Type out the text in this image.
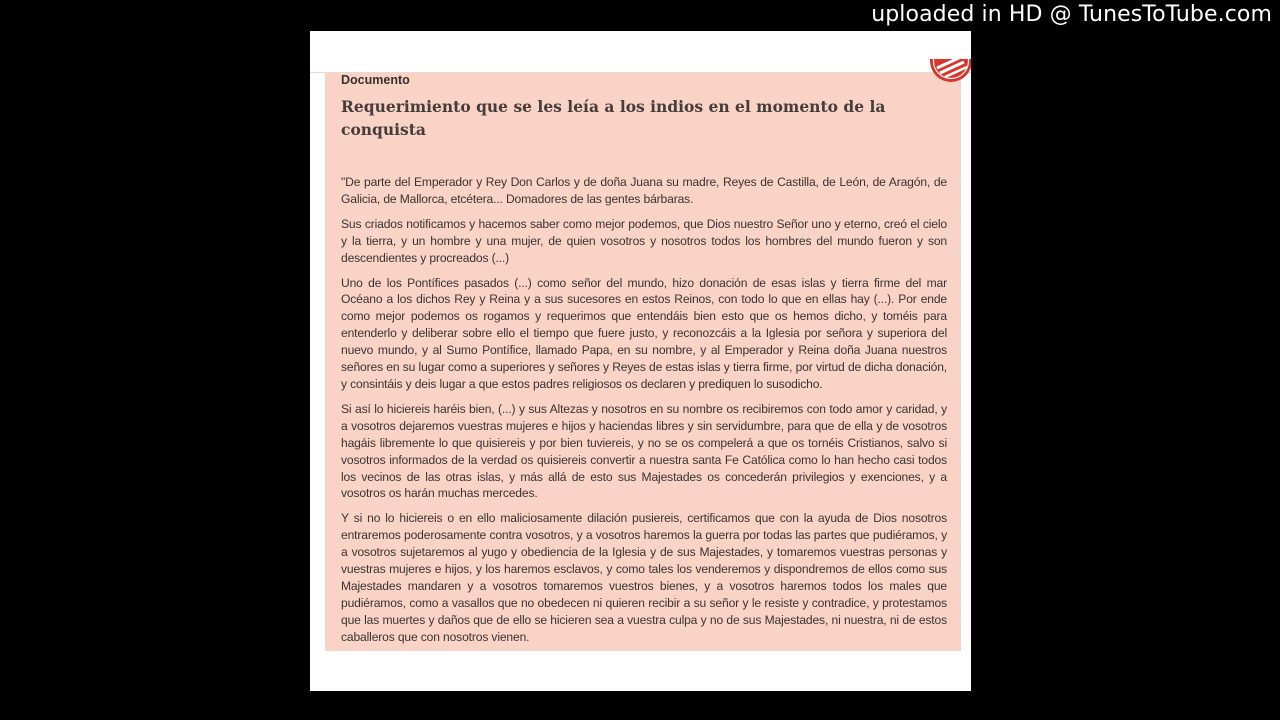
uploaded in HD @ TunesToTube.com
Documento
Requerimiento que se les leía a los indios en el momento de la conquista

"De parte del Emperador y Rey Don Carlos y de doña Juana su madre, Reyes de Castilla, de León, de Aragón, de Galicia, de Mallorca, etcétera... Domadores de las gentes bárbaras.

Sus criados notificamos y hacemos saber como mejor podemos, que Dios nuestro Señor uno y eterno, creó el cielo y la tierra, y un hombre y una mujer, de quien vosotros y nosotros todos los hombres del mundo fueron y son descendientes y procreados (...)

Uno de los Pontífices pasados (...) como señor del mundo, hizo donación de esas islas y tierra firme del mar Océano a los dichos Rey y Reina y a sus sucesores en estos Reinos, con todo lo que en ellas hay (...). Por ende como mejor podemos os rogamos y requerimos que entendáis bien esto que os hemos dicho, y toméis para entenderlo y deliberar sobre ello el tiempo que fuere justo, y reconozcáis a la Iglesia por señora y superiora del nuevo mundo, y al Sumo Pontífice, llamado Papa, en su nombre, y al Emperador y Reina doña Juana nuestros señores en su lugar como a superiores y señores y Reyes de estas islas y tierra firme, por virtud de dicha donación, y consintáis y deis lugar a que estos padres religiosos os declaren y prediquen lo susodicho.

Si así lo hiciereis haréis bien, (...) y sus Altezas y nosotros en su nombre os recibiremos con todo amor y caridad, y a vosotros dejaremos vuestras mujeres e hijos y haciendas libres y sin servidumbre, para que de ella y de vosotros hagáis libremente lo que quisiereis y por bien tuviereis, y no se os compelerá a que os tornéis Cristianos, salvo si vosotros informados de la verdad os quisiereis convertir a nuestra santa Fe Católica como lo han hecho casi todos los vecinos de las otras islas, y más allá de esto sus Majestades os concederán privilegios y exenciones, y a vosotros os harán muchas mercedes.

Y si no lo hiciereis o en ello maliciosamente dilación pusiereis, certificamos que con la ayuda de Dios nosotros entraremos poderosamente contra vosotros, y a vosotros haremos la guerra por todas las partes que pudiéramos, y a vosotros sujetaremos al yugo y obediencia de la Iglesia y de sus Majestades, y tomaremos vuestras personas y vuestras mujeres e hijos, y los haremos esclavos, y como tales los venderemos y dispondremos de ellos como sus Majestades mandaren y a vosotros tomaremos vuestros bienes, y a vosotros haremos todos los males que pudiéramos, como a vasallos que no obedecen ni quieren recibir a su señor y le resiste y contradice, y protestamos que las muertes y daños que de ello se hicieren sea a vuestra culpa y no de sus Majestades, ni nuestra, ni de estos caballeros que con nosotros vienen.
